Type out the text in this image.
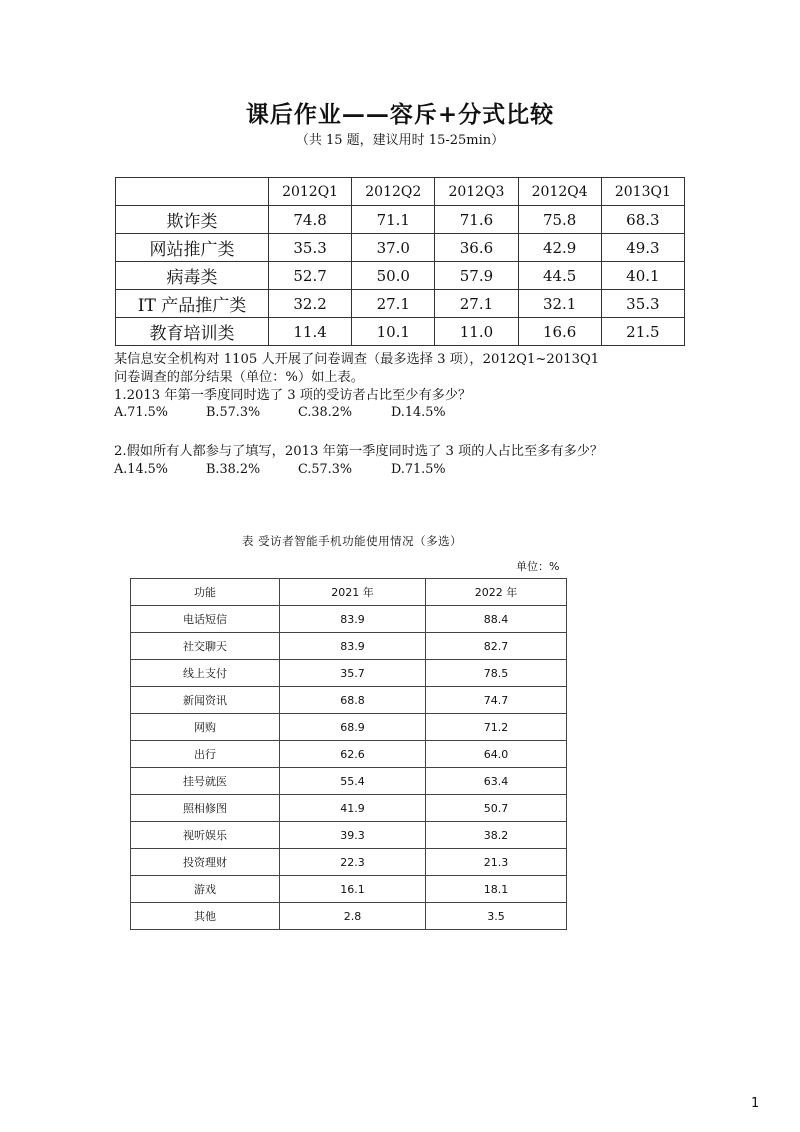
课后作业——容斥+分式比较
（共 15 题，建议用时 15-25min）
	2012Q1	2012Q2	2012Q3	2012Q4	2013Q1
欺诈类	74.8	71.1	71.6	75.8	68.3
网站推广类	35.3	37.0	36.6	42.9	49.3
病毒类	52.7	50.0	57.9	44.5	40.1
IT 产品推广类	32.2	27.1	27.1	32.1	35.3
教育培训类	11.4	10.1	11.0	16.6	21.5
某信息安全机构对 1105 人开展了问卷调查（最多选择 3 项），2012Q1~2013Q1
问卷调查的部分结果（单位：%）如上表。
1.2013 年第一季度同时选了 3 项的受访者占比至少有多少？
A.71.5%	B.57.3%	C.38.2%	D.14.5%
2.假如所有人都参与了填写，2013 年第一季度同时选了 3 项的人占比至多有多少？
A.14.5%	B.38.2%	C.57.3%	D.71.5%
表 受访者智能手机功能使用情况（多选）
单位：%
功能	2021 年	2022 年
电话短信	83.9	88.4
社交聊天	83.9	82.7
线上支付	35.7	78.5
新闻资讯	68.8	74.7
网购	68.9	71.2
出行	62.6	64.0
挂号就医	55.4	63.4
照相修图	41.9	50.7
视听娱乐	39.3	38.2
投资理财	22.3	21.3
游戏	16.1	18.1
其他	2.8	3.5
1
